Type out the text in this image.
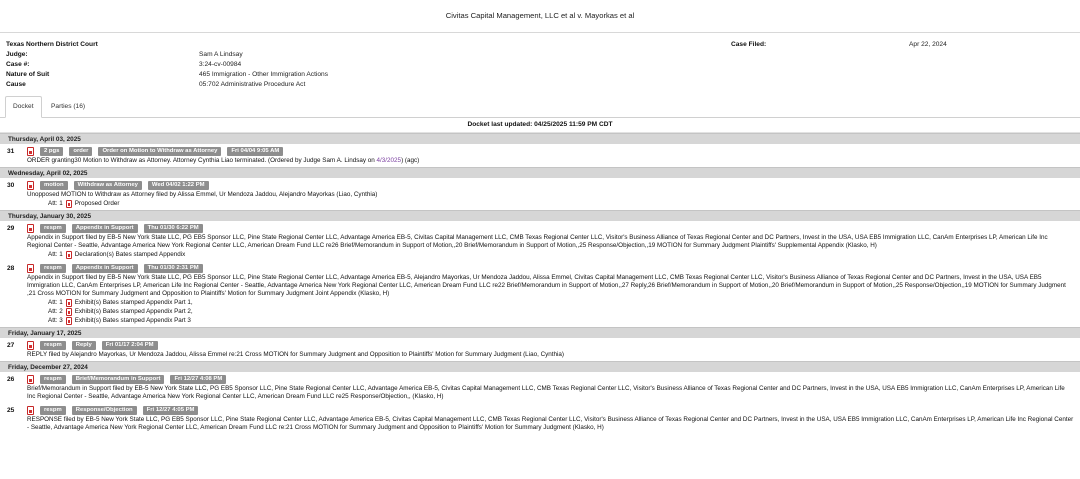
Civitas Capital Management, LLC et al v. Mayorkas et al
Texas Northern District Court
Judge:	Sam A Lindsay
Case #:	3:24-cv-00984
Nature of Suit	465 Immigration - Other Immigration Actions
Cause	05:702 Administrative Procedure Act
Case Filed:	Apr 22, 2024
Docket	Parties (16)
Docket last updated: 04/25/2025 11:59 PM CDT
Thursday, April 03, 2025
31	2 pgs	order	Order on Motion to Withdraw as Attorney	Fri 04/04 9:05 AM
ORDER granting30 Motion to Withdraw as Attorney. Attorney Cynthia Liao terminated. (Ordered by Judge Sam A. Lindsay on 4/3/2025) (agc)
Wednesday, April 02, 2025
30	motion	Withdraw as Attorney	Wed 04/02 1:22 PM
Unopposed MOTION to Withdraw as Attorney filed by Alissa Emmel, Ur Mendoza Jaddou, Alejandro Mayorkas (Liao, Cynthia)
Att: 1 Proposed Order
Thursday, January 30, 2025
29	respm	Appendix in Support	Thu 01/30 6:22 PM
Appendix in Support filed by EB-5 New York State LLC, PG EB5 Sponsor LLC, Pine State Regional Center LLC, Advantage America EB-5, Civitas Capital Management LLC, CMB Texas Regional Center LLC, Visitor's Business Alliance of Texas Regional Center and DC Partners, Invest in the USA, USA EB5 Immigration LLC, CanAm Enterprises LP, American Life Inc Regional Center - Seattle, Advantage America New York Regional Center LLC, American Dream Fund LLC re26 Brief/Memorandum in Support of Motion,,20 Brief/Memorandum in Support of Motion,,25 Response/Objection,,19 MOTION for Summary Judgment Plaintiffs' Supplemental Appendix (Klasko, H)
Att: 1 Declaration(s) Bates stamped Appendix
28	respm	Appendix in Support	Thu 01/30 2:31 PM
Appendix in Support filed by EB-5 New York State LLC, PG EB5 Sponsor LLC, Pine State Regional Center LLC, Advantage America EB-5, Alejandro Mayorkas, Ur Mendoza Jaddou, Alissa Emmel, Civitas Capital Management LLC, CMB Texas Regional Center LLC, Visitor's Business Alliance of Texas Regional Center and DC Partners, Invest in the USA, USA EB5 Immigration LLC, CanAm Enterprises LP, American Life Inc Regional Center - Seattle, Advantage America New York Regional Center LLC, American Dream Fund LLC re22 Brief/Memorandum in Support of Motion,,27 Reply,26 Brief/Memorandum in Support of Motion,,20 Brief/Memorandum in Support of Motion,,25 Response/Objection,,19 MOTION for Summary Judgment ,21 Cross MOTION for Summary Judgment and Opposition to Plaintiffs' Motion for Summary Judgment Joint Appendix (Klasko, H)
Att: 1 Exhibit(s) Bates stamped Appendix Part 1,
Att: 2 Exhibit(s) Bates stamped Appendix Part 2,
Att: 3 Exhibit(s) Bates stamped Appendix Part 3
Friday, January 17, 2025
27	respm	Reply	Fri 01/17 2:04 PM
REPLY filed by Alejandro Mayorkas, Ur Mendoza Jaddou, Alissa Emmel re:21 Cross MOTION for Summary Judgment and Opposition to Plaintiffs' Motion for Summary Judgment (Liao, Cynthia)
Friday, December 27, 2024
26	respm	Brief/Memorandum in Support	Fri 12/27 4:08 PM
Brief/Memorandum in Support filed by EB-5 New York State LLC, PG EB5 Sponsor LLC, Pine State Regional Center LLC, Advantage America EB-5, Civitas Capital Management LLC, CMB Texas Regional Center LLC, Visitor's Business Alliance of Texas Regional Center and DC Partners, Invest in the USA, USA EB5 Immigration LLC, CanAm Enterprises LP, American Life Inc Regional Center - Seattle, Advantage America New York Regional Center LLC, American Dream Fund LLC re25 Response/Objection,, (Klasko, H)
25	respm	Response/Objection	Fri 12/27 4:05 PM
RESPONSE filed by EB-5 New York State LLC, PG EB5 Sponsor LLC, Pine State Regional Center LLC, Advantage America EB-5, Civitas Capital Management LLC, CMB Texas Regional Center LLC, Visitor's Business Alliance of Texas Regional Center and DC Partners, Invest in the USA, USA EB5 Immigration LLC, CanAm Enterprises LP, American Life Inc Regional Center - Seattle, Advantage America New York Regional Center LLC, American Dream Fund LLC re:21 Cross MOTION for Summary Judgment and Opposition to Plaintiffs' Motion for Summary Judgment (Klasko, H)
